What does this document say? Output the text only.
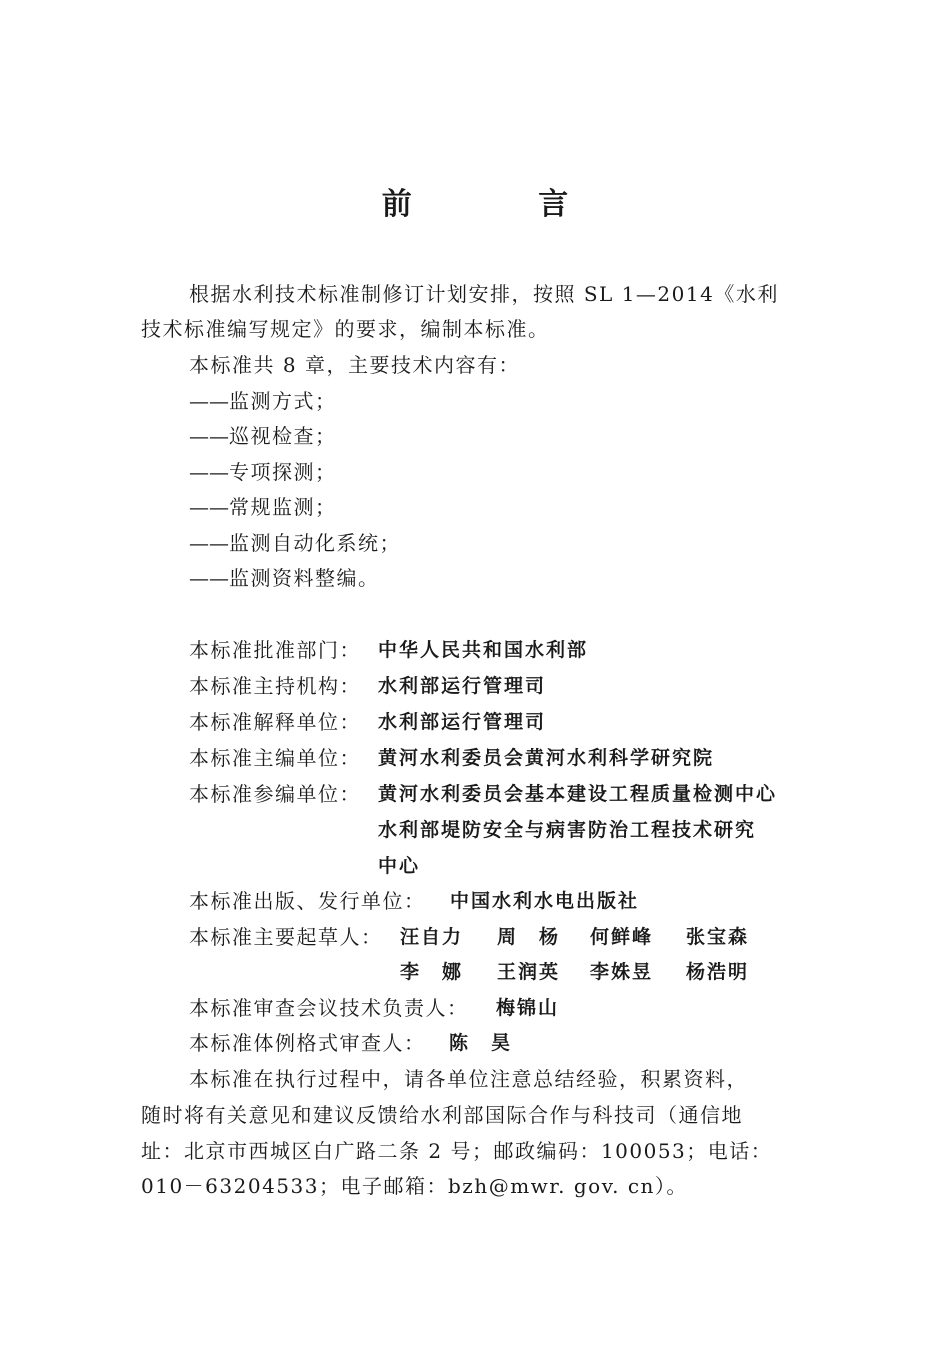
前 言
根据水利技术标准制修订计划安排，按照 SL 1—2014《水利
技术标准编写规定》的要求，编制本标准。
本标准共 8 章，主要技术内容有：
——监测方式；
——巡视检查；
——专项探测；
——常规监测；
——监测自动化系统；
——监测资料整编。
本标准批准部门： 中华人民共和国水利部
本标准主持机构： 水利部运行管理司
本标准解释单位： 水利部运行管理司
本标准主编单位： 黄河水利委员会黄河水利科学研究院
本标准参编单位： 黄河水利委员会基本建设工程质量检测中心
水利部堤防安全与病害防治工程技术研究
中心
本标准出版、发行单位： 中国水利水电出版社
本标准主要起草人： 汪自力 周　杨 何鲜峰 张宝森
李　娜 王润英 李姝昱 杨浩明
本标准审查会议技术负责人： 梅锦山
本标准体例格式审查人： 陈　昊
本标准在执行过程中，请各单位注意总结经验，积累资料，
随时将有关意见和建议反馈给水利部国际合作与科技司（通信地
址：北京市西城区白广路二条 2 号；邮政编码：100053；电话：
010－63204533；电子邮箱：bzh@mwr. gov. cn）。
